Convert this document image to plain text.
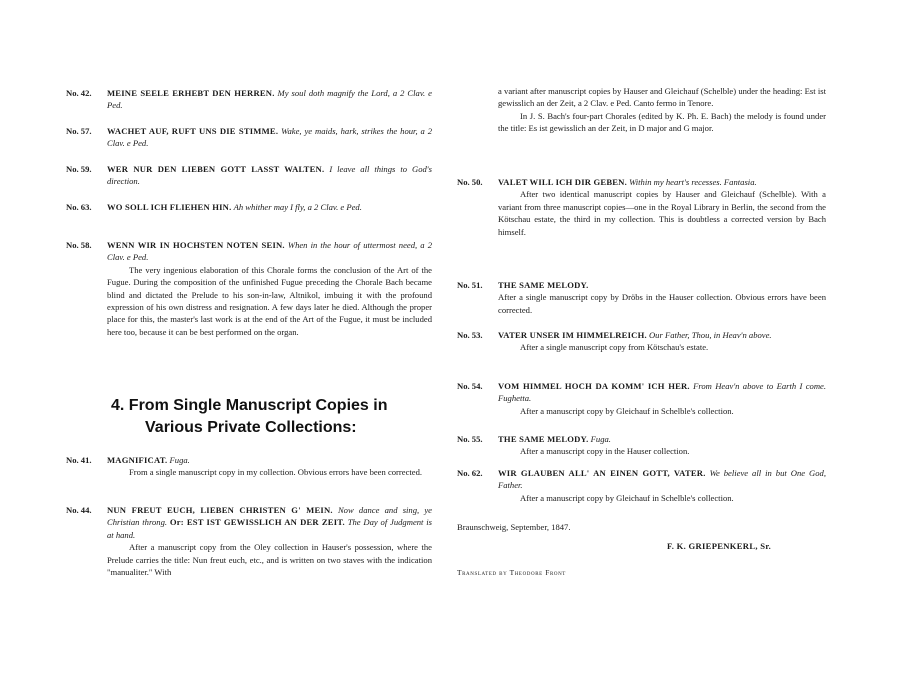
No. 42. MEINE SEELE ERHEBT DEN HERREN. My soul doth magnify the Lord, a 2 Clav. e Ped.
No. 57. WACHET AUF, RUFT UNS DIE STIMME. Wake, ye maids, hark, strikes the hour, a 2 Clav. e Ped.
No. 59. WER NUR DEN LIEBEN GOTT LASST WALTEN. I leave all things to God's direction.
No. 63. WO SOLL ICH FLIEHEN HIN. Ah whither may I fly, a 2 Clav. e Ped.
No. 58. WENN WIR IN HOCHSTEN NOTEN SEIN. When in the hour of uttermost need, a 2 Clav. e Ped.

The very ingenious elaboration of this Chorale forms the conclusion of the Art of the Fugue. During the composition of the unfinished Fugue preceding the Chorale Bach became blind and dictated the Prelude to his son-in-law, Altnikol, imbuing it with the profound expression of his own distress and resignation. A few days later he died. Although the proper place for this, the master's last work is at the end of the Art of the Fugue, it must be included here too, because it can be best performed on the organ.

4. From Single Manuscript Copies in
Various Private Collections:
No. 41. MAGNIFICAT. Fuga.

From a single manuscript copy in my collection. Obvious errors have been corrected.

No. 44. NUN FREUT EUCH, LIEBEN CHRISTEN G' MEIN. Now dance and sing, ye Christian throng. Or: EST IST GEWISSLICH AN DER ZEIT. The Day of Judgment is at hand.

After a manuscript copy from the Oley collection in Hauser's possession, where the Prelude carries the title: Nun freut euch, etc., and is written on two staves with the indication "manualiter." With

a variant after manuscript copies by Hauser and Gleichauf (Schelble) under the heading: Est ist gewisslich an der Zeit, a 2 Clav. e Ped. Canto fermo in Tenore.

In J. S. Bach's four-part Chorales (edited by K. Ph. E. Bach) the melody is found under the title: Es ist gewisslich an der Zeit, in D major and G major.

No. 50. VALET WILL ICH DIR GEBEN. Within my heart's recesses. Fantasia.

After two identical manuscript copies by Hauser and Gleichauf (Schelble). With a variant from three manuscript copies—one in the Royal Library in Berlin, the second from the Kötschau estate, the third in my collection. This is doubtless a corrected version by Bach himself.

No. 51. THE SAME MELODY.

After a single manuscript copy by Dröbs in the Hauser collection. Obvious errors have been corrected.

No. 53. VATER UNSER IM HIMMELREICH. Our Father, Thou, in Heav'n above.

After a single manuscript copy from Kötschau's estate.

No. 54. VOM HIMMEL HOCH DA KOMM' ICH HER. From Heav'n above to Earth I come. Fughetta.

After a manuscript copy by Gleichauf in Schelble's collection.

No. 55. THE SAME MELODY. Fuga.

After a manuscript copy in the Hauser collection.

No. 62. WIR GLAUBEN ALL' AN EINEN GOTT, VATER. We believe all in but One God, Father.

After a manuscript copy by Gleichauf in Schelble's collection.

Braunschweig, September, 1847.
F. K. GRIEPENKERL, Sr.
Translated by Theodore Front
